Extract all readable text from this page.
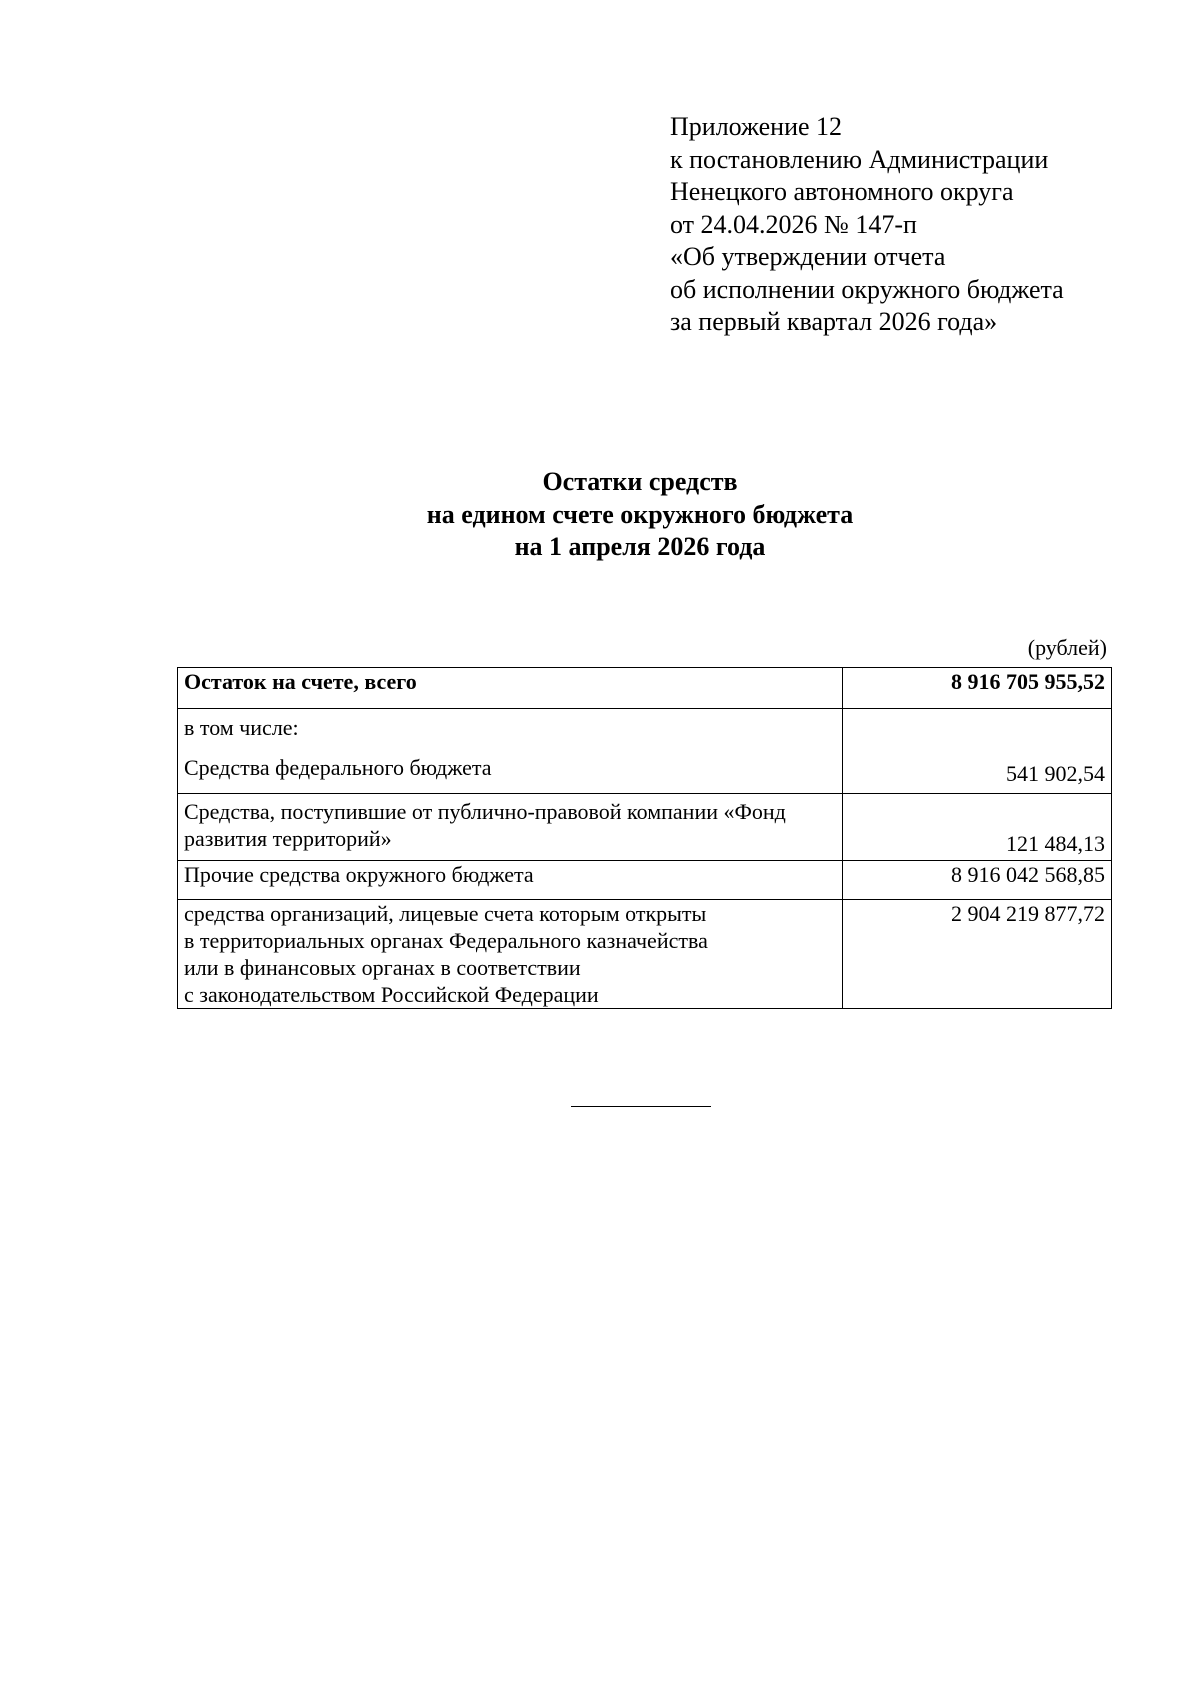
Приложение 12
к постановлению Администрации
Ненецкого автономного округа
от 24.04.2026 № 147-п
«Об утверждении отчета
об исполнении окружного бюджета
за первый квартал 2026 года»
Остатки средств
на едином счете окружного бюджета
на 1 апреля 2026 года
(рублей)
Остаток на счете, всего	8 916 705 955,52

в том числе:
Средства федерального бюджета	541 902,54

Средства, поступившие от публично-правовой компании «Фонд
развития территорий»	121 484,13
Прочие средства окружного бюджета	8 916 042 568,85

средства организаций, лицевые счета которым открыты
в территориальных органах Федерального казначейства
или в финансовых органах в соответствии
с законодательством Российской Федерации	2 904 219 877,72
